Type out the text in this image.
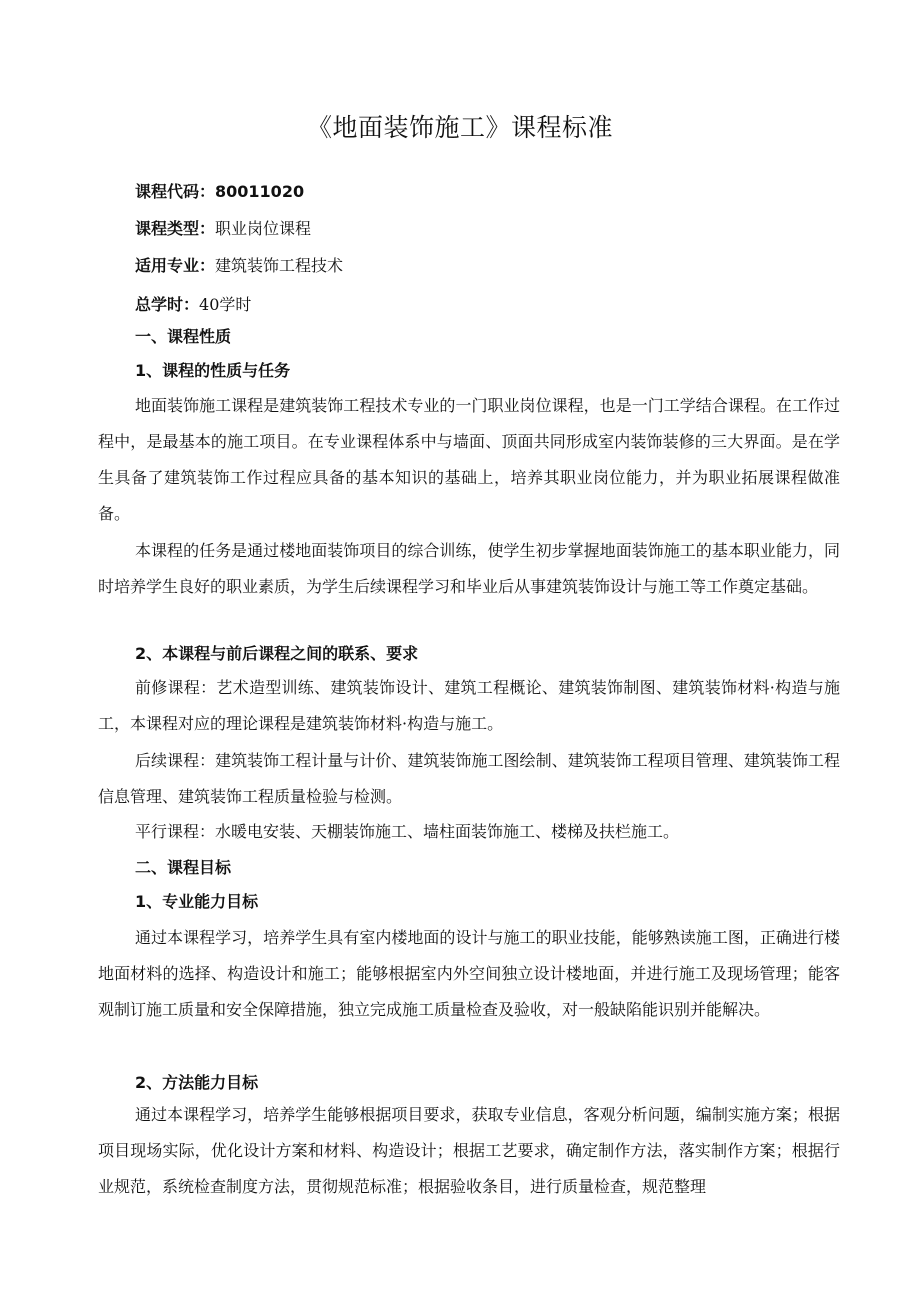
《地面装饰施工》课程标准
课程代码：80011020
课程类型：职业岗位课程
适用专业：建筑装饰工程技术
总学时：40学时
一、课程性质
1、课程的性质与任务
地面装饰施工课程是建筑装饰工程技术专业的一门职业岗位课程，也是一门工学结合课程。在工作过程中，是最基本的施工项目。在专业课程体系中与墙面、顶面共同形成室内装饰装修的三大界面。是在学生具备了建筑装饰工作过程应具备的基本知识的基础上，培养其职业岗位能力，并为职业拓展课程做准备。
本课程的任务是通过楼地面装饰项目的综合训练，使学生初步掌握地面装饰施工的基本职业能力，同时培养学生良好的职业素质，为学生后续课程学习和毕业后从事建筑装饰设计与施工等工作奠定基础。
2、本课程与前后课程之间的联系、要求
前修课程：艺术造型训练、建筑装饰设计、建筑工程概论、建筑装饰制图、建筑装饰材料·构造与施工，本课程对应的理论课程是建筑装饰材料·构造与施工。
后续课程：建筑装饰工程计量与计价、建筑装饰施工图绘制、建筑装饰工程项目管理、建筑装饰工程信息管理、建筑装饰工程质量检验与检测。
平行课程：水暖电安装、天棚装饰施工、墙柱面装饰施工、楼梯及扶栏施工。
二、课程目标
1、专业能力目标
通过本课程学习，培养学生具有室内楼地面的设计与施工的职业技能，能够熟读施工图，正确进行楼地面材料的选择、构造设计和施工；能够根据室内外空间独立设计楼地面，并进行施工及现场管理；能客观制订施工质量和安全保障措施，独立完成施工质量检查及验收，对一般缺陷能识别并能解决。
2、方法能力目标
通过本课程学习，培养学生能够根据项目要求，获取专业信息，客观分析问题，编制实施方案；根据项目现场实际，优化设计方案和材料、构造设计；根据工艺要求，确定制作方法，落实制作方案；根据行业规范，系统检查制度方法，贯彻规范标准；根据验收条目，进行质量检查，规范整理
